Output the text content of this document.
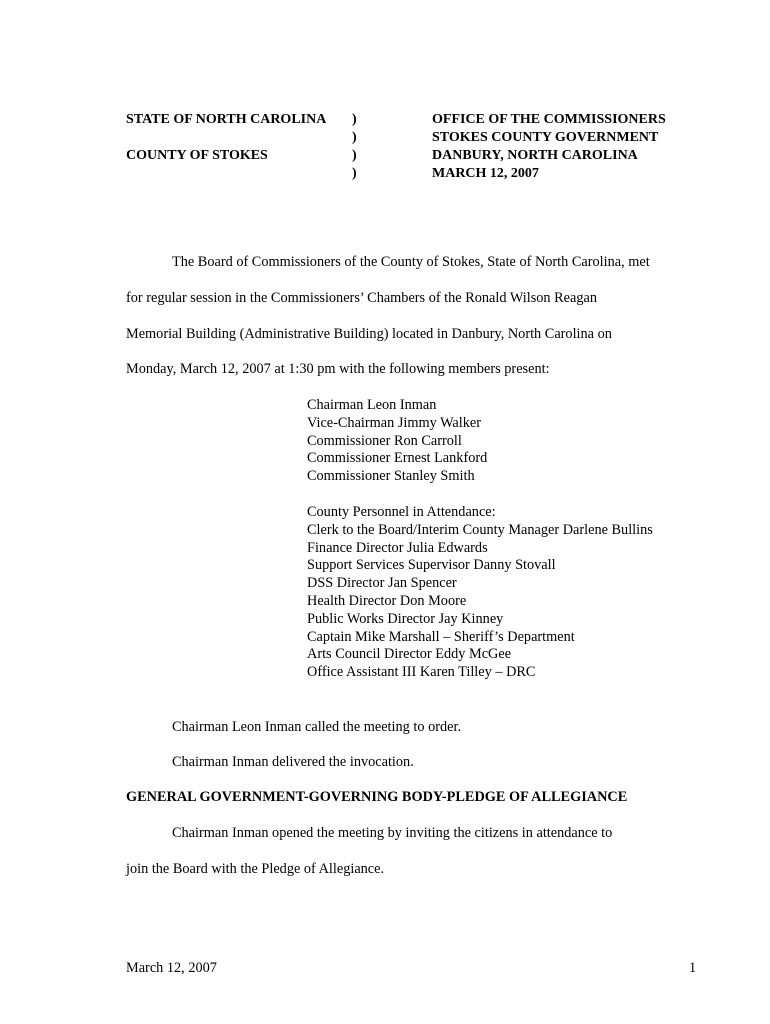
STATE OF NORTH CAROLINA
COUNTY OF STOKES
)
)
)
)
OFFICE OF THE COMMISSIONERS
STOKES COUNTY GOVERNMENT
DANBURY, NORTH CAROLINA
MARCH 12, 2007
The Board of Commissioners of the County of Stokes, State of North Carolina, met
for regular session in the Commissioners’ Chambers of the Ronald Wilson Reagan
Memorial Building (Administrative Building) located in Danbury, North Carolina on
Monday, March 12, 2007 at 1:30 pm with the following members present:
Chairman Leon Inman
Vice-Chairman Jimmy Walker
Commissioner Ron Carroll
Commissioner Ernest Lankford
Commissioner Stanley Smith
County Personnel in Attendance:
Clerk to the Board/Interim County Manager Darlene Bullins
Finance Director Julia Edwards
Support Services Supervisor Danny Stovall
DSS Director Jan Spencer
Health Director Don Moore
Public Works Director Jay Kinney
Captain Mike Marshall – Sheriff’s Department
Arts Council Director Eddy McGee
Office Assistant III Karen Tilley – DRC
Chairman Leon Inman called the meeting to order.
Chairman Inman delivered the invocation.
GENERAL GOVERNMENT-GOVERNING BODY-PLEDGE OF ALLEGIANCE
Chairman Inman opened the meeting by inviting the citizens in attendance to
join the Board with the Pledge of Allegiance.
March 12, 2007	1
